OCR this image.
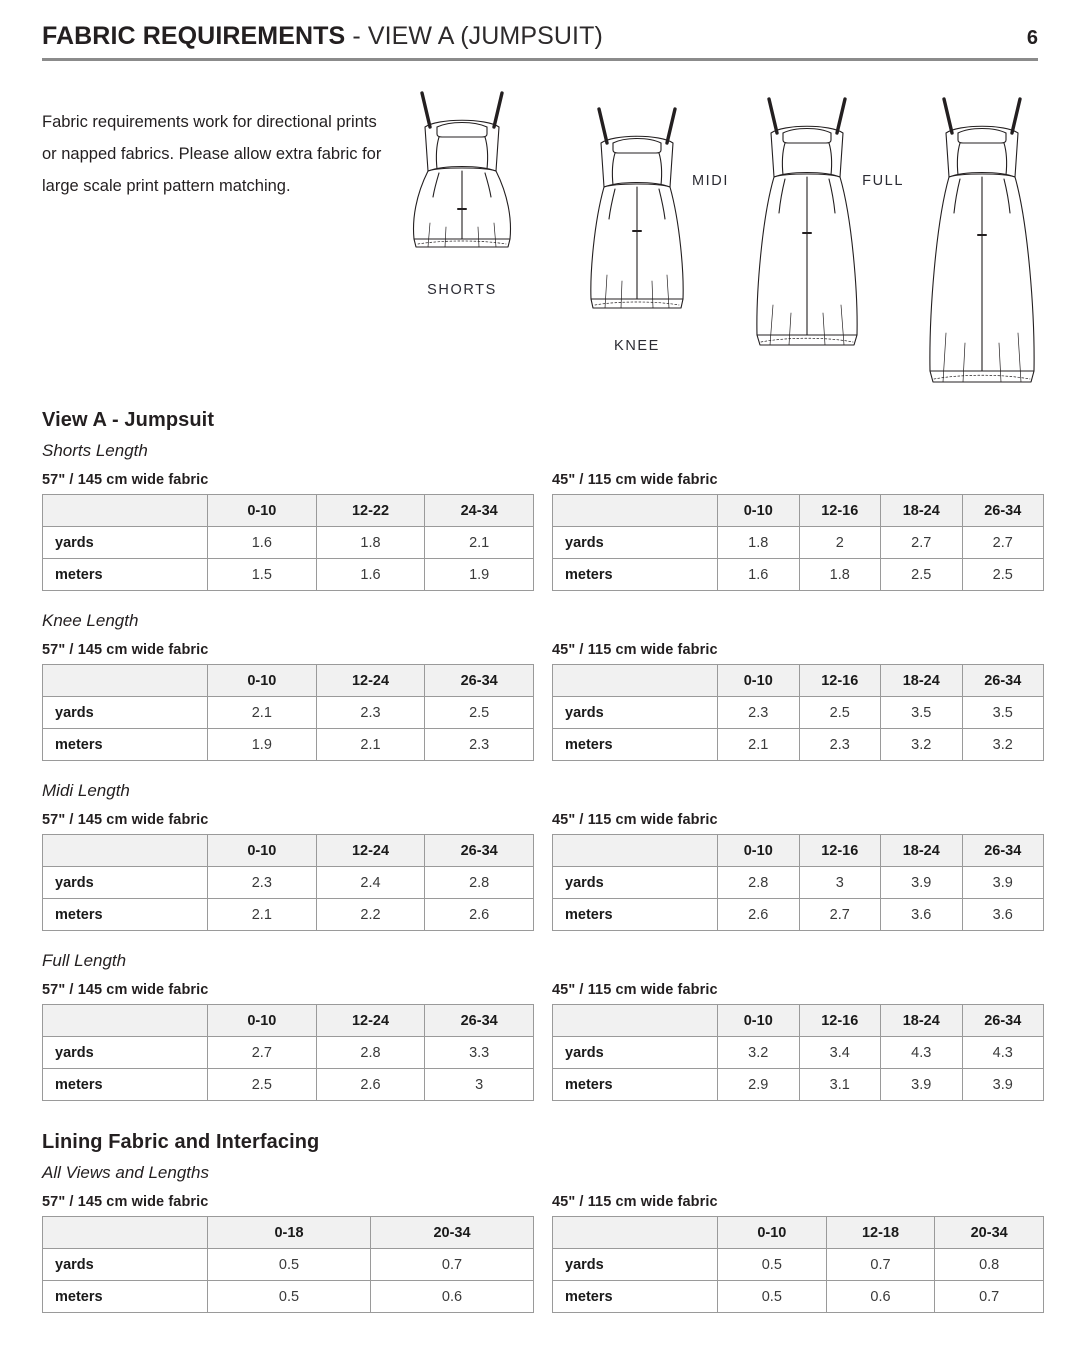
FABRIC REQUIREMENTS - VIEW A (JUMPSUIT)	6

Fabric requirements work for directional prints or napped fabrics. Please allow extra fabric for large scale print pattern matching.

SHORTS
KNEE
MIDI	FULL
View A - Jumpsuit
Shorts Length
57" / 145 cm wide fabric
	0-10	12-22	24-34
yards	1.6	1.8	2.1
meters	1.5	1.6	1.9
45" / 115 cm wide fabric
	0-10	12-16	18-24	26-34
yards	1.8	2	2.7	2.7
meters	1.6	1.8	2.5	2.5
Knee Length
57" / 145 cm wide fabric
	0-10	12-24	26-34
yards	2.1	2.3	2.5
meters	1.9	2.1	2.3
45" / 115 cm wide fabric
	0-10	12-16	18-24	26-34
yards	2.3	2.5	3.5	3.5
meters	2.1	2.3	3.2	3.2
Midi Length
57" / 145 cm wide fabric
	0-10	12-24	26-34
yards	2.3	2.4	2.8
meters	2.1	2.2	2.6
45" / 115 cm wide fabric
	0-10	12-16	18-24	26-34
yards	2.8	3	3.9	3.9
meters	2.6	2.7	3.6	3.6
Full Length
57" / 145 cm wide fabric
	0-10	12-24	26-34
yards	2.7	2.8	3.3
meters	2.5	2.6	3
45" / 115 cm wide fabric
	0-10	12-16	18-24	26-34
yards	3.2	3.4	4.3	4.3
meters	2.9	3.1	3.9	3.9
Lining Fabric and Interfacing
All Views and Lengths
57" / 145 cm wide fabric
	0-18	20-34
yards	0.5	0.7
meters	0.5	0.6
45" / 115 cm wide fabric
	0-10	12-18	20-34
yards	0.5	0.7	0.8
meters	0.5	0.6	0.7
